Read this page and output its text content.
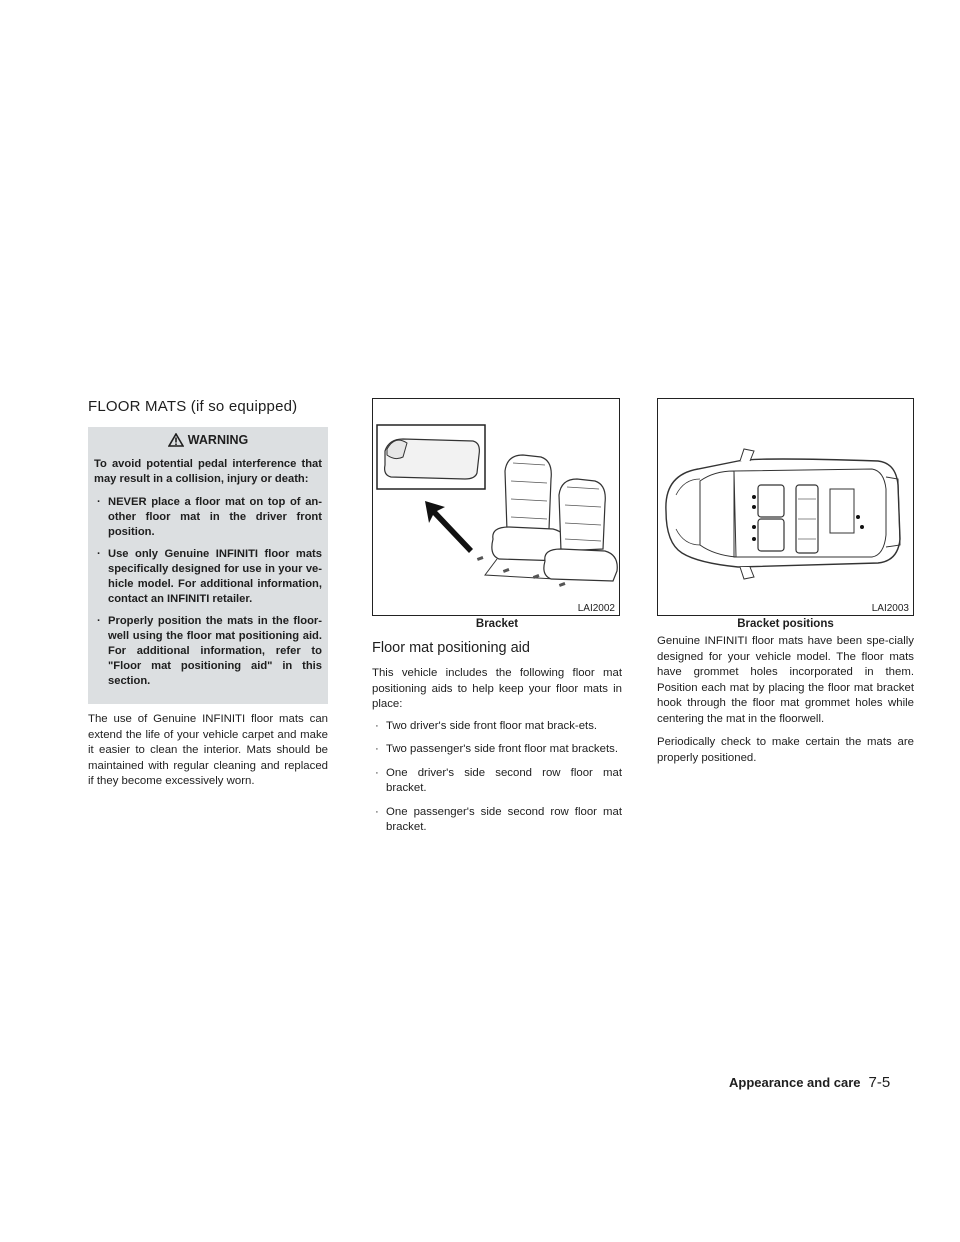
FLOOR MATS (if so equipped)
WARNING

To avoid potential pedal interference that may result in a collision, injury or death:

· NEVER place a floor mat on top of an-other floor mat in the driver front position.
· Use only Genuine INFINITI floor mats specifically designed for use in your ve-hicle model. For additional information, contact an INFINITI retailer.
· Properly position the mats in the floor-well using the floor mat positioning aid. For additional information, refer to "Floor mat positioning aid" in this section.

The use of Genuine INFINITI floor mats can extend the life of your vehicle carpet and make it easier to clean the interior. Mats should be maintained with regular cleaning and replaced if they become excessively worn.

LAI2002
Bracket
Floor mat positioning aid

This vehicle includes the following floor mat positioning aids to help keep your floor mats in place:

· Two driver's side front floor mat brack-ets.
· Two passenger's side front floor mat brackets.
· One driver's side second row floor mat bracket.
· One passenger's side second row floor mat bracket.
LAI2003
Bracket positions

Genuine INFINITI floor mats have been spe-cially designed for your vehicle model. The floor mats have grommet holes incorporated in them. Position each mat by placing the floor mat bracket hook through the floor mat grommet holes while centering the mat in the floorwell.

Periodically check to make certain the mats are properly positioned.

Appearance and care 7-5
